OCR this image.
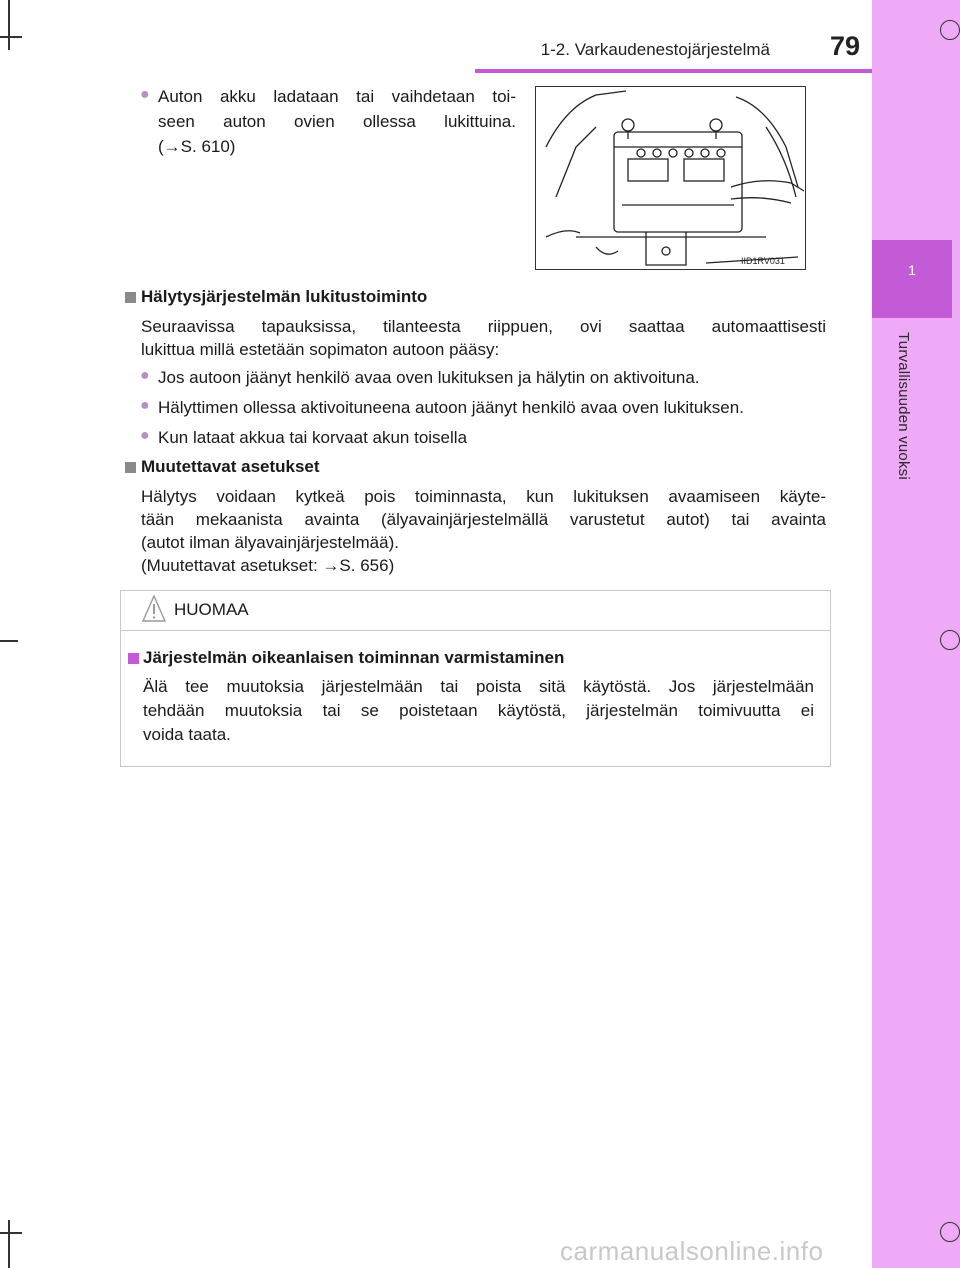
1
Turvallisuuden vuoksi
1-2. Varkaudenestojärjestelmä	79
● Auton akku ladataan tai vaihdetaan toi-
seen auton ovien ollessa lukittuina.
(→S. 610)
IID1RV031
Hälytysjärjestelmän lukitustoiminto
Seuraavissa tapauksissa, tilanteesta riippuen, ovi saattaa automaattisesti
lukittua millä estetään sopimaton autoon pääsy:
● Jos autoon jäänyt henkilö avaa oven lukituksen ja hälytin on aktivoituna.
● Hälyttimen ollessa aktivoituneena autoon jäänyt henkilö avaa oven lukituksen.
● Kun lataat akkua tai korvaat akun toisella
Muutettavat asetukset
Hälytys voidaan kytkeä pois toiminnasta, kun lukituksen avaamiseen käyte-
tään mekaanista avainta (älyavainjärjestelmällä varustetut autot) tai avainta
(autot ilman älyavainjärjestelmää).
(Muutettavat asetukset: →S. 656)
HUOMAA
Järjestelmän oikeanlaisen toiminnan varmistaminen
Älä tee muutoksia järjestelmään tai poista sitä käytöstä. Jos järjestelmään
tehdään muutoksia tai se poistetaan käytöstä, järjestelmän toimivuutta ei
voida taata.
carmanualsonline.info
